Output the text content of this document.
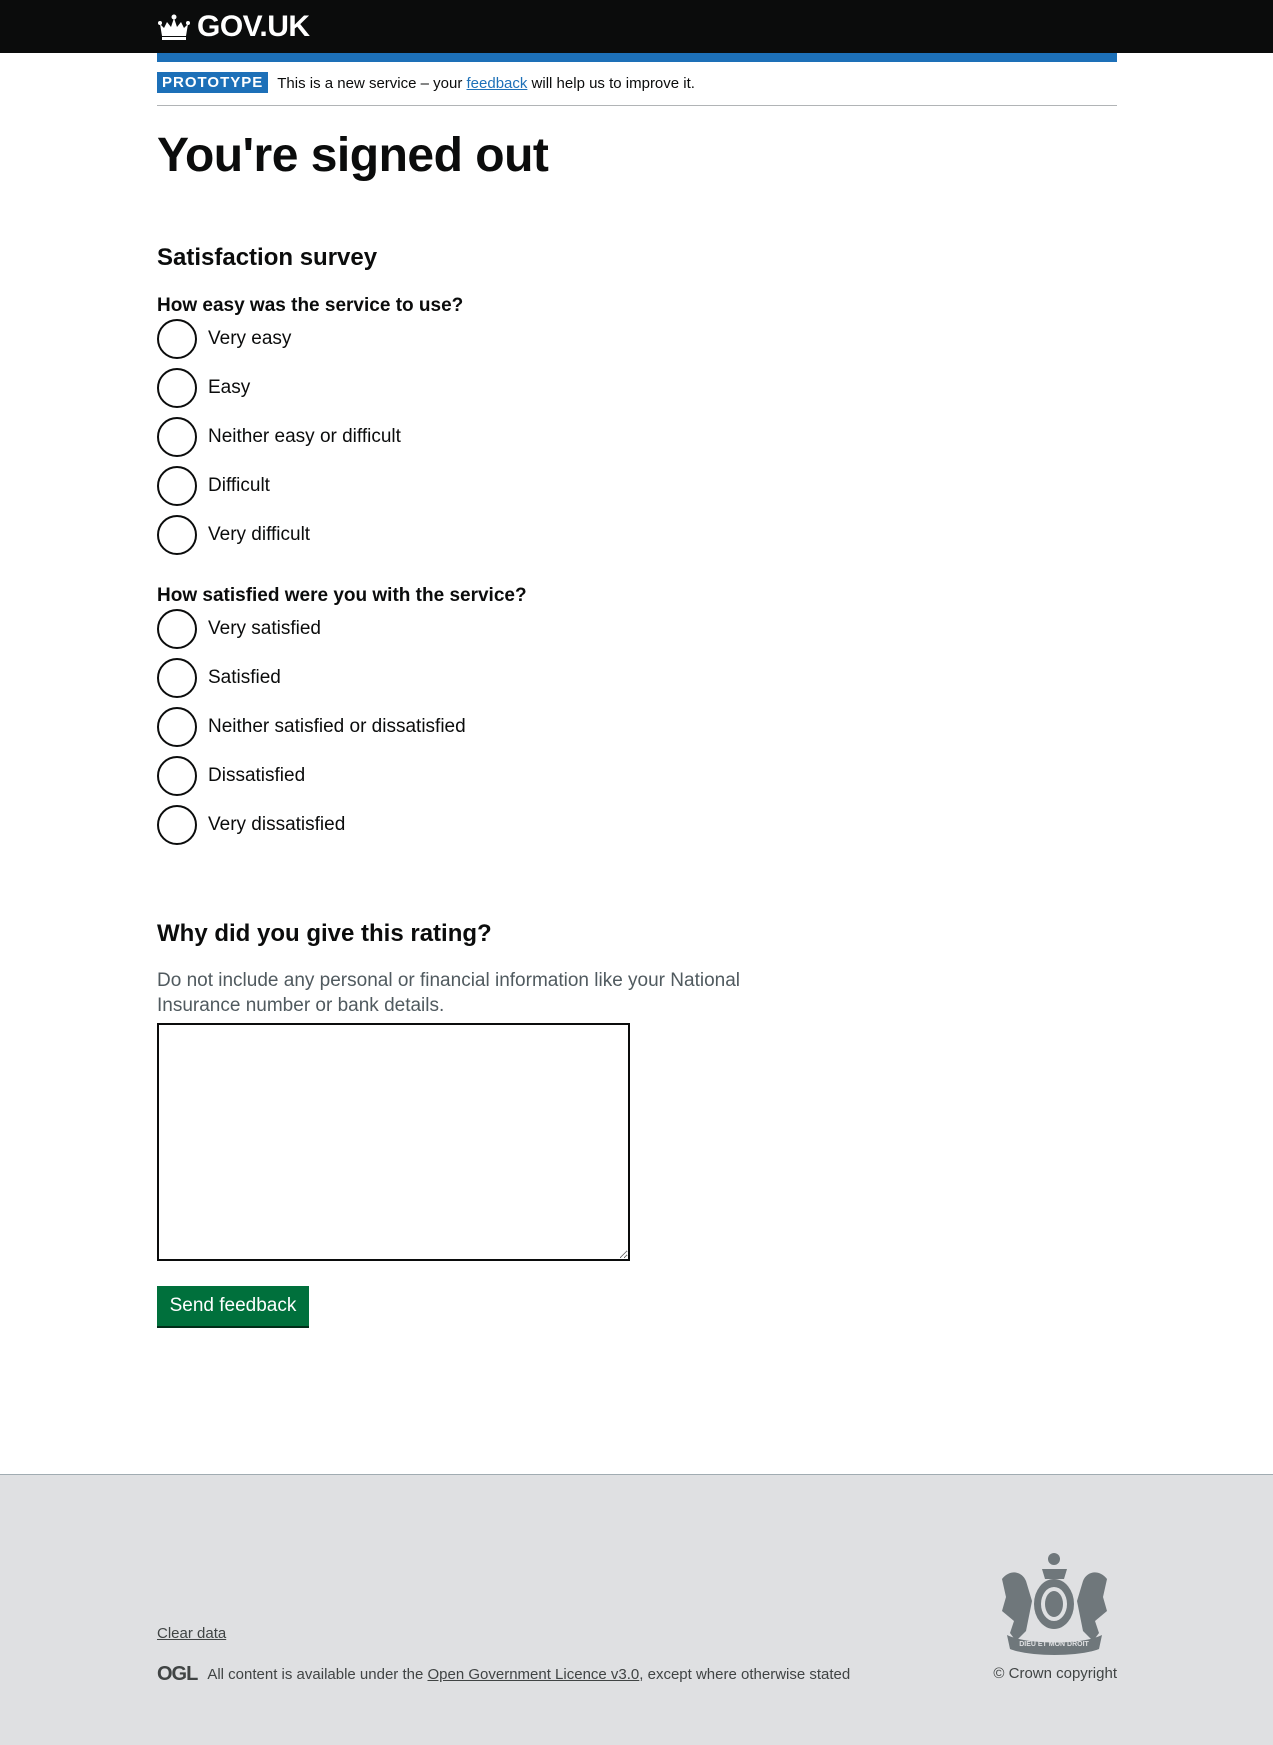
GOV.UK
PROTOTYPE This is a new service – your feedback will help us to improve it.
You're signed out
Satisfaction survey
How easy was the service to use?
Very easy
Easy
Neither easy or difficult
Difficult
Very difficult
How satisfied were you with the service?
Very satisfied
Satisfied
Neither satisfied or dissatisfied
Dissatisfied
Very dissatisfied
Why did you give this rating?
Do not include any personal or financial information like your National Insurance number or bank details.
Send feedback
Clear data
OGL All content is available under the Open Government Licence v3.0, except where otherwise stated
DIEU ET MON DROIT
© Crown copyright
